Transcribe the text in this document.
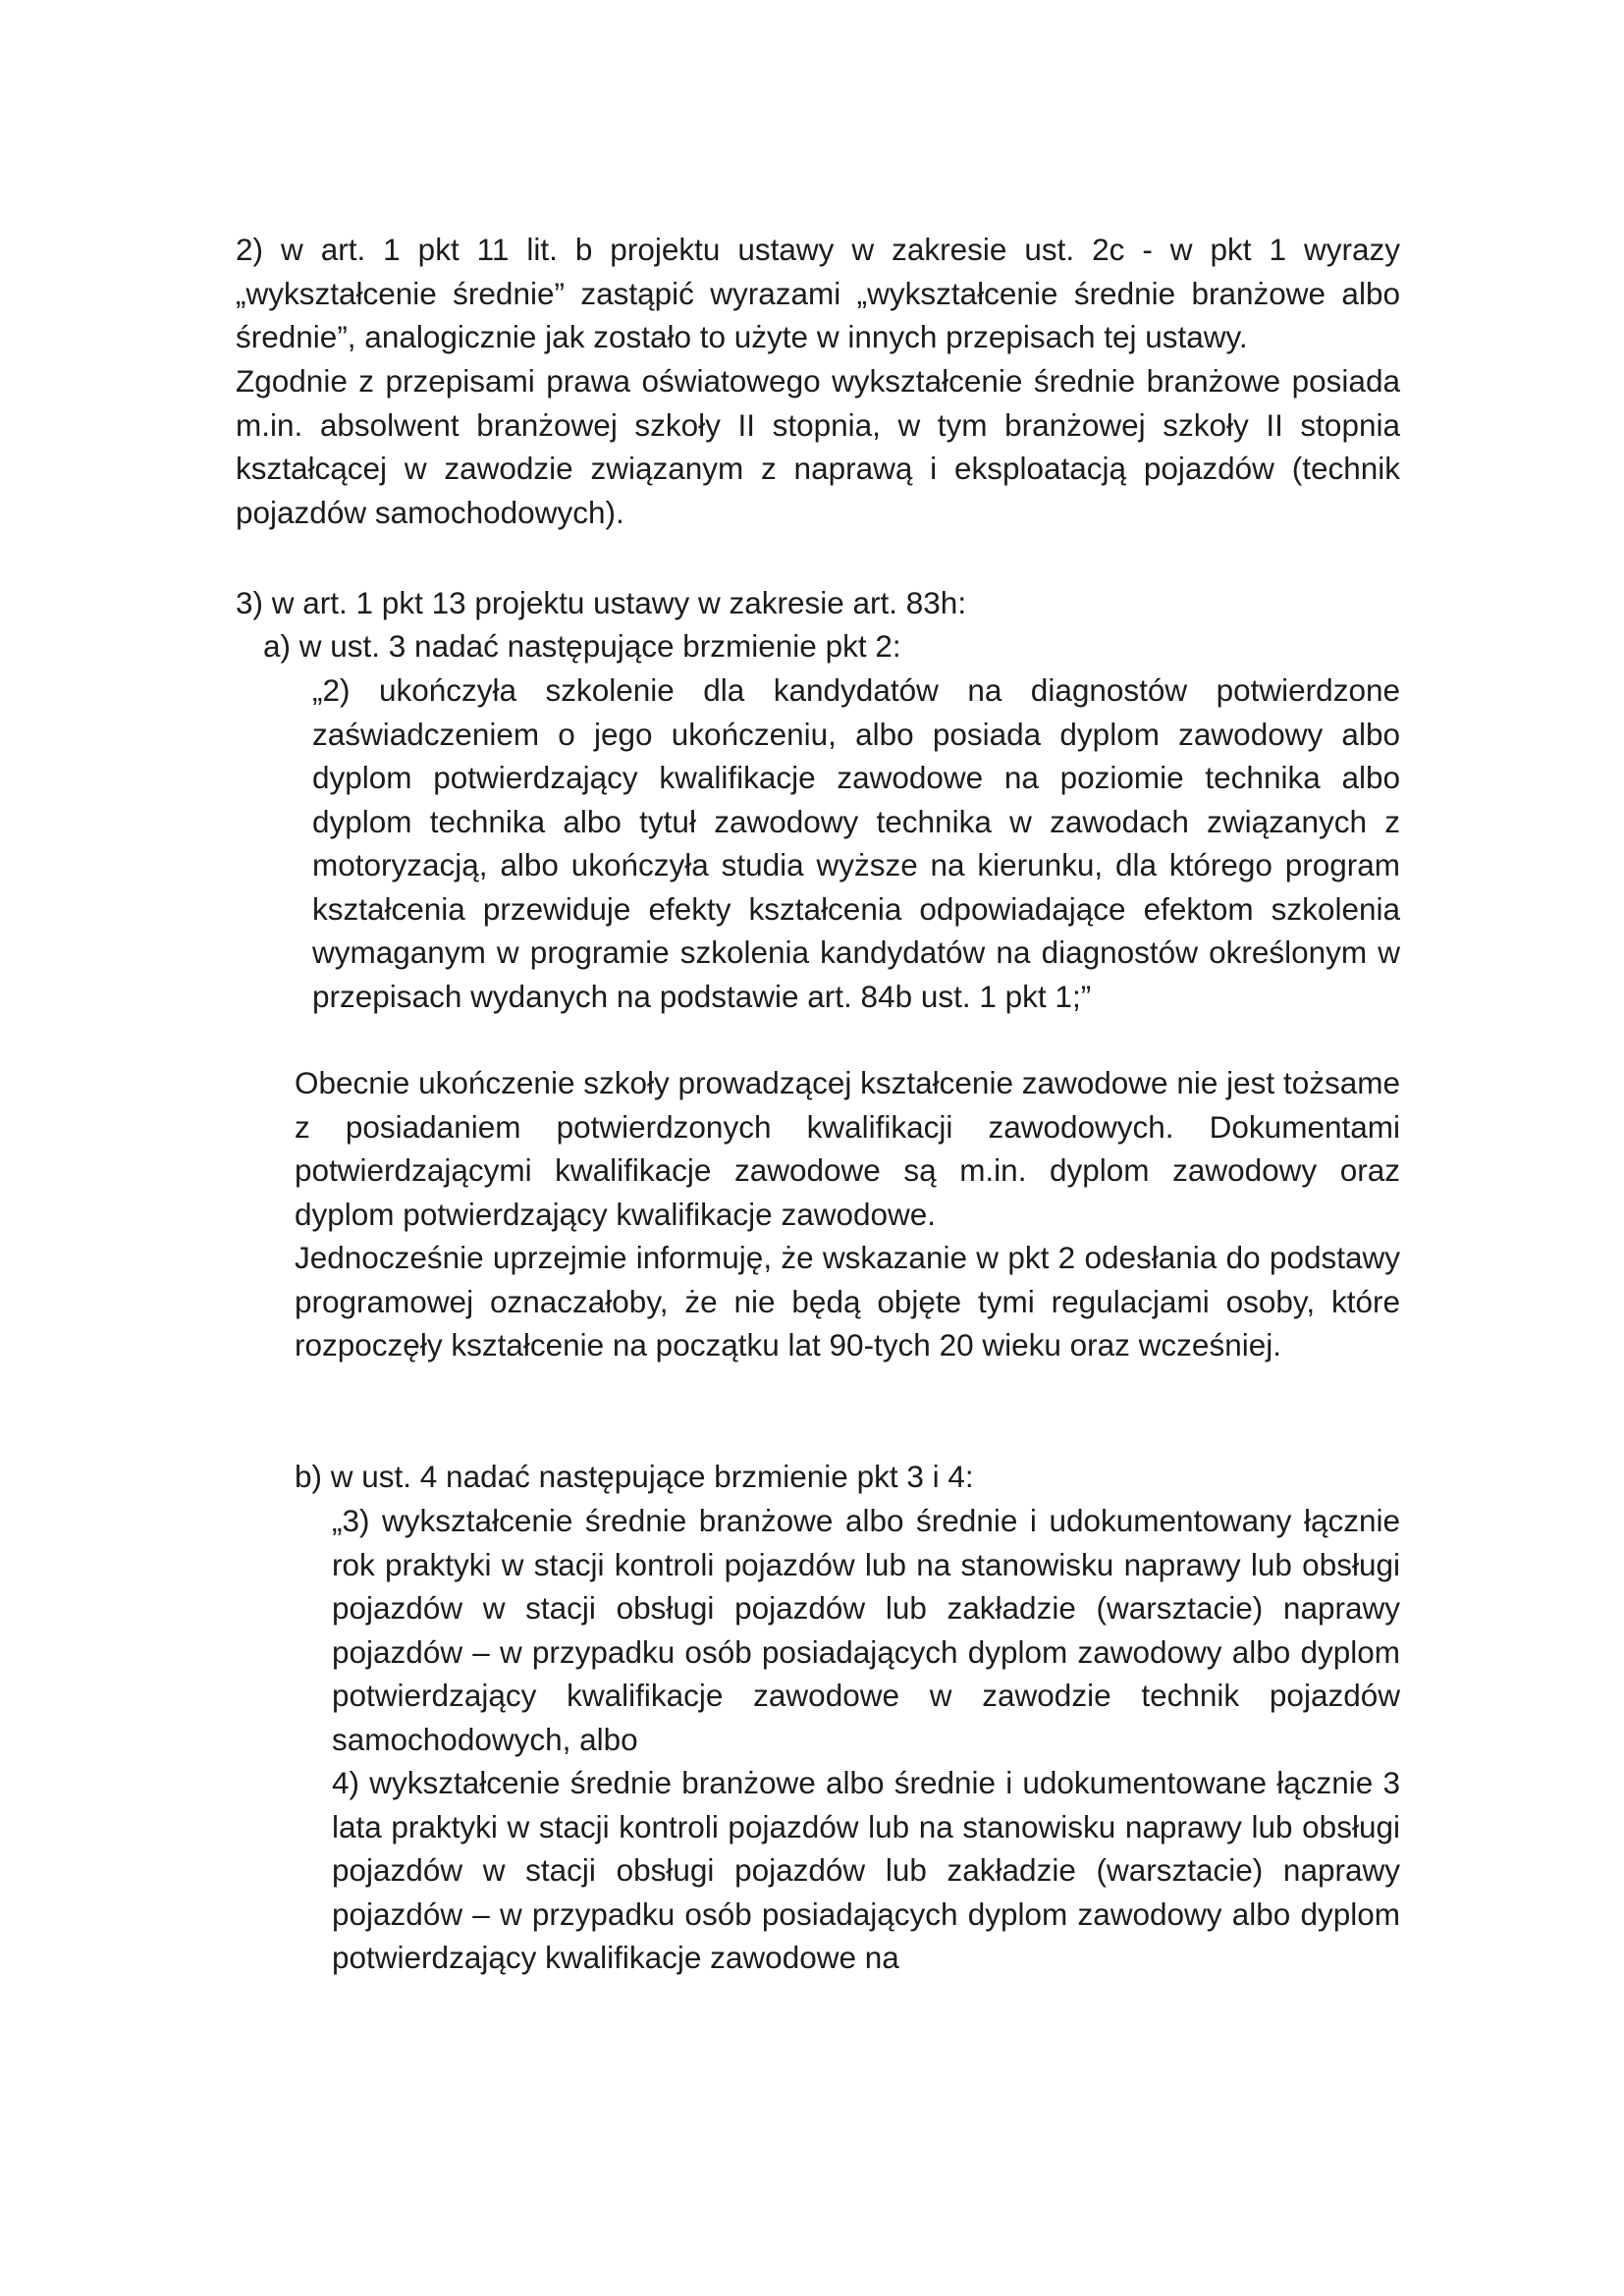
2) w art. 1 pkt 11 lit. b projektu ustawy w zakresie ust. 2c - w pkt 1 wyrazy „wykształcenie średnie” zastąpić wyrazami „wykształcenie średnie branżowe albo średnie”, analogicznie jak zostało to użyte w innych przepisach tej ustawy.

Zgodnie z przepisami prawa oświatowego wykształcenie średnie branżowe posiada m.in. absolwent branżowej szkoły II stopnia, w tym branżowej szkoły II stopnia kształcącej w zawodzie związanym z naprawą i eksploatacją pojazdów (technik pojazdów samochodowych).

3) w art. 1 pkt 13 projektu ustawy w zakresie art. 83h:

a) w ust. 3 nadać następujące brzmienie pkt 2:

„2) ukończyła szkolenie dla kandydatów na diagnostów potwierdzone zaświadczeniem o jego ukończeniu, albo posiada dyplom zawodowy albo dyplom potwierdzający kwalifikacje zawodowe na poziomie technika albo dyplom technika albo tytuł zawodowy technika w zawodach związanych z motoryzacją, albo ukończyła studia wyższe na kierunku, dla którego program kształcenia przewiduje efekty kształcenia odpowiadające efektom szkolenia wymaganym w programie szkolenia kandydatów na diagnostów określonym w przepisach wydanych na podstawie art. 84b ust. 1 pkt 1;”

Obecnie ukończenie szkoły prowadzącej kształcenie zawodowe nie jest tożsame z posiadaniem potwierdzonych kwalifikacji zawodowych. Dokumentami potwierdzającymi kwalifikacje zawodowe są m.in. dyplom zawodowy oraz dyplom potwierdzający kwalifikacje zawodowe.

Jednocześnie uprzejmie informuję, że wskazanie w pkt 2 odesłania do podstawy programowej oznaczałoby, że nie będą objęte tymi regulacjami osoby, które rozpoczęły kształcenie na początku lat 90-tych 20 wieku oraz wcześniej.

b) w ust. 4 nadać następujące brzmienie pkt 3 i 4:

„3) wykształcenie średnie branżowe albo średnie i udokumentowany łącznie rok praktyki w stacji kontroli pojazdów lub na stanowisku naprawy lub obsługi pojazdów w stacji obsługi pojazdów lub zakładzie (warsztacie) naprawy pojazdów – w przypadku osób posiadających dyplom zawodowy albo dyplom potwierdzający kwalifikacje zawodowe w zawodzie technik pojazdów samochodowych, albo

4) wykształcenie średnie branżowe albo średnie i udokumentowane łącznie 3 lata praktyki w stacji kontroli pojazdów lub na stanowisku naprawy lub obsługi pojazdów w stacji obsługi pojazdów lub zakładzie (warsztacie) naprawy pojazdów – w przypadku osób posiadających dyplom zawodowy albo dyplom potwierdzający kwalifikacje zawodowe na
